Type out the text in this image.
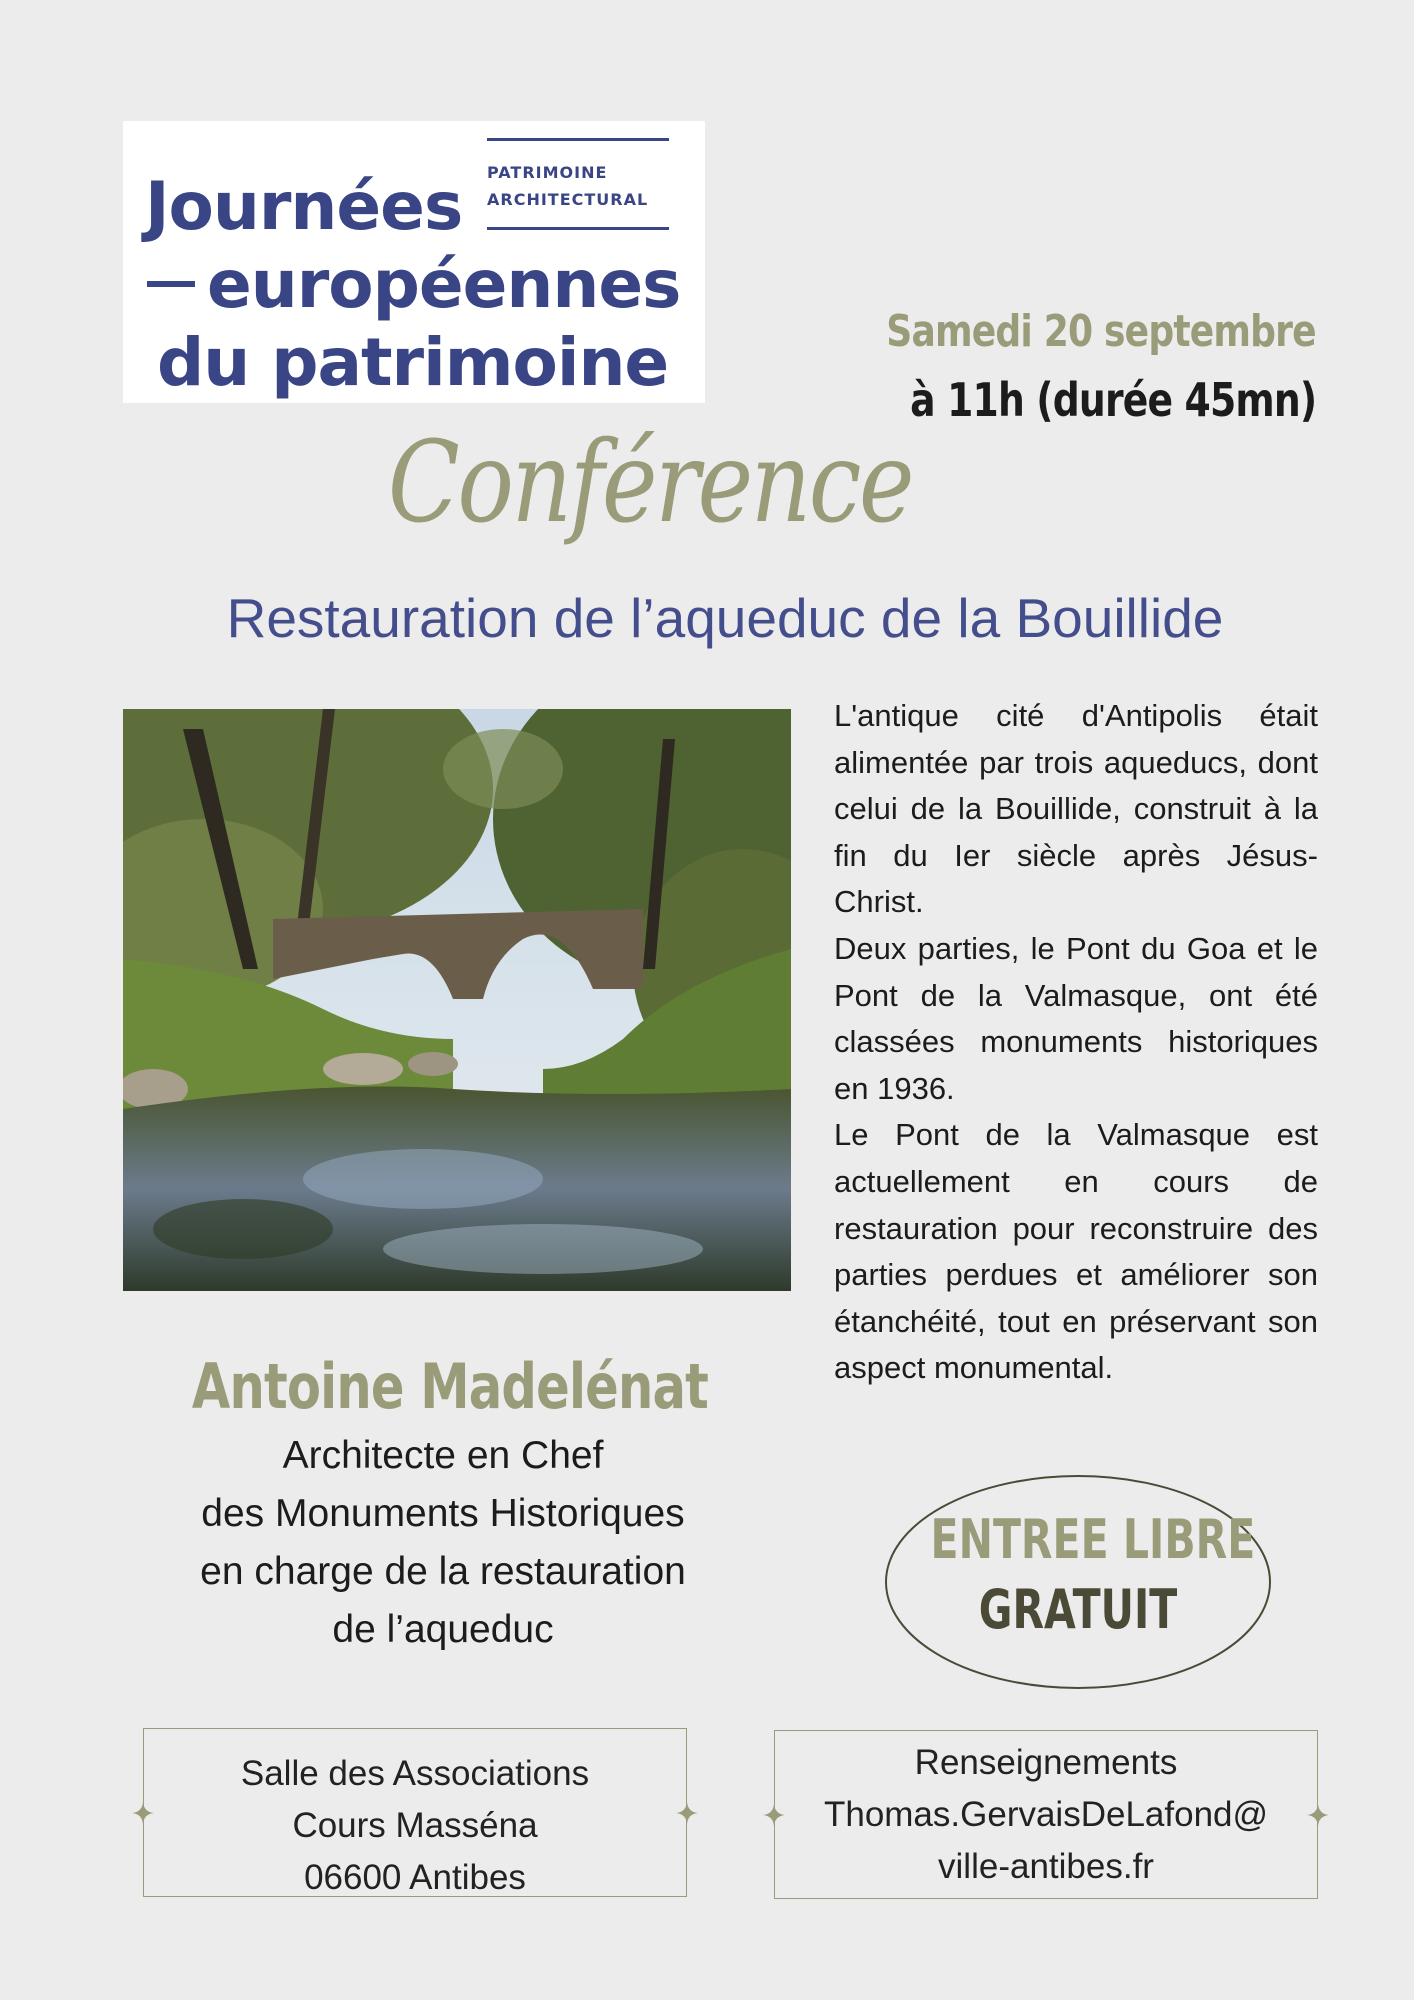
Journées
européennes
du patrimoine
PATRIMOINE
ARCHITECTURAL
Samedi 20 septembre
à 11h (durée 45mn)
Conférence
Restauration de l’aqueduc de la Bouillide

L'antique cité d'Antipolis était alimentée par trois aqueducs, dont celui de la Bouillide, construit à la fin du Ier siècle après Jésus-Christ.

Deux parties, le Pont du Goa et le Pont de la Valmasque, ont été classées monuments historiques en 1936.

Le Pont de la Valmasque est actuellement en cours de restauration pour reconstruire des parties perdues et améliorer son étanchéité, tout en préservant son aspect monumental.

Antoine Madelénat
Architecte en Chef
des Monuments Historiques
en charge de la restauration
de l’aqueduc
ENTREE LIBRE
GRATUIT
Salle des Associations
Cours Masséna
06600 Antibes
Renseignements
Thomas.GervaisDeLafond@
ville-antibes.fr
